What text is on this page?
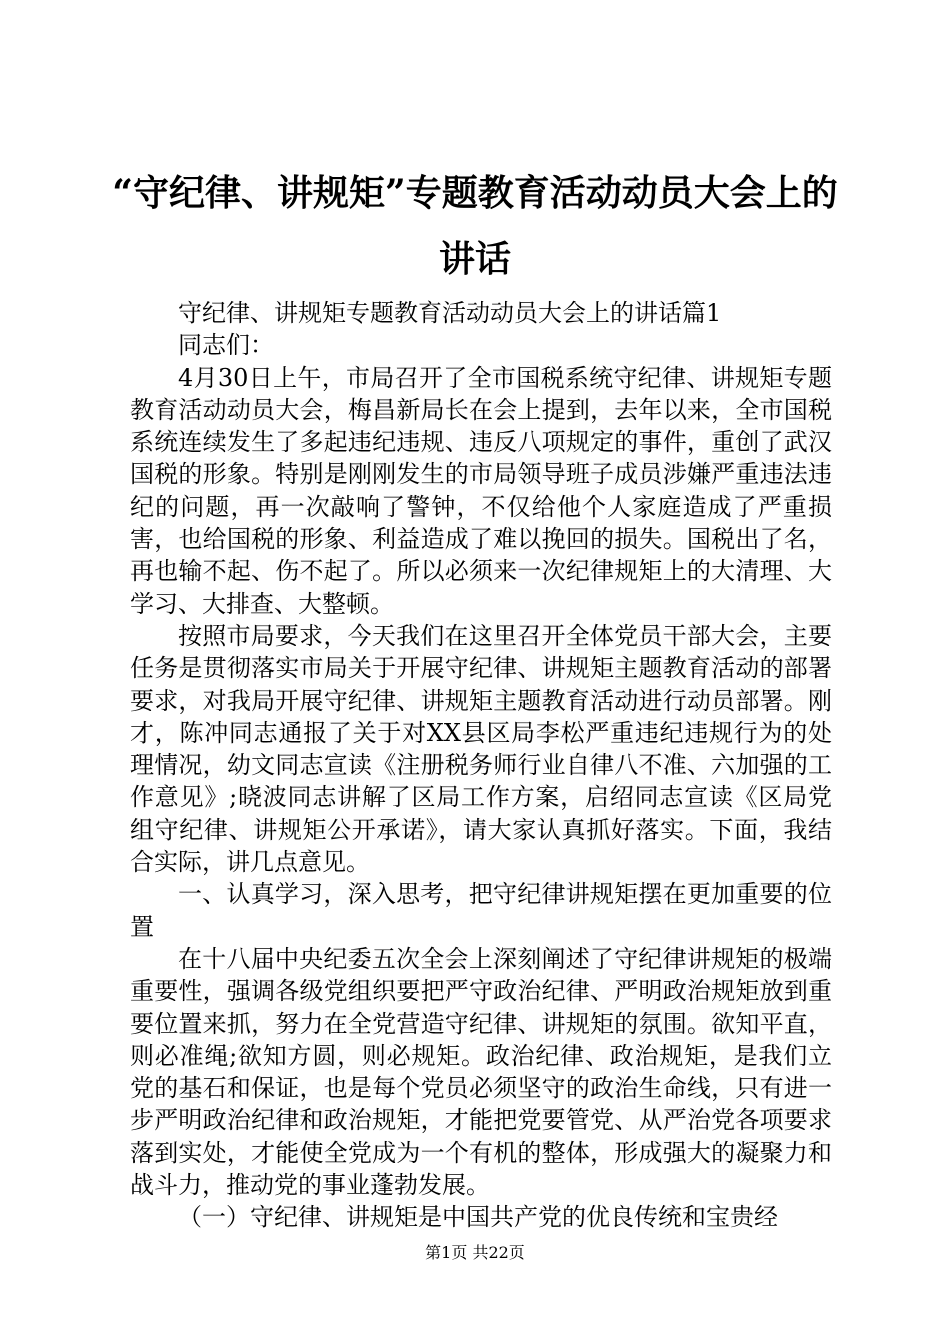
“守纪律、讲规矩”专题教育活动动员大会上的讲话

守纪律、讲规矩专题教育活动动员大会上的讲话篇1

同志们：

4月30日上午，市局召开了全市国税系统守纪律、讲规矩专题教育活动动员大会，梅昌新局长在会上提到，去年以来，全市国税系统连续发生了多起违纪违规、违反八项规定的事件，重创了武汉国税的形象。特别是刚刚发生的市局领导班子成员涉嫌严重违法违纪的问题，再一次敲响了警钟，不仅给他个人家庭造成了严重损害，也给国税的形象、利益造成了难以挽回的损失。国税出了名，再也输不起、伤不起了。所以必须来一次纪律规矩上的大清理、大学习、大排查、大整顿。

按照市局要求，今天我们在这里召开全体党员干部大会，主要任务是贯彻落实市局关于开展守纪律、讲规矩主题教育活动的部署要求，对我局开展守纪律、讲规矩主题教育活动进行动员部署。刚才，陈冲同志通报了关于对XX县区局李松严重违纪违规行为的处理情况，幼文同志宣读《注册税务师行业自律八不准、六加强的工作意见》;晓波同志讲解了区局工作方案，启绍同志宣读《区局党组守纪律、讲规矩公开承诺》，请大家认真抓好落实。下面，我结合实际，讲几点意见。

一、认真学习，深入思考，把守纪律讲规矩摆在更加重要的位置

在十八届中央纪委五次全会上深刻阐述了守纪律讲规矩的极端重要性，强调各级党组织要把严守政治纪律、严明政治规矩放到重要位置来抓，努力在全党营造守纪律、讲规矩的氛围。欲知平直，则必准绳;欲知方圆，则必规矩。政治纪律、政治规矩，是我们立党的基石和保证，也是每个党员必须坚守的政治生命线，只有进一步严明政治纪律和政治规矩，才能把党要管党、从严治党各项要求落到实处，才能使全党成为一个有机的整体，形成强大的凝聚力和战斗力，推动党的事业蓬勃发展。

（一）守纪律、讲规矩是中国共产党的优良传统和宝贵经

第1页 共22页
